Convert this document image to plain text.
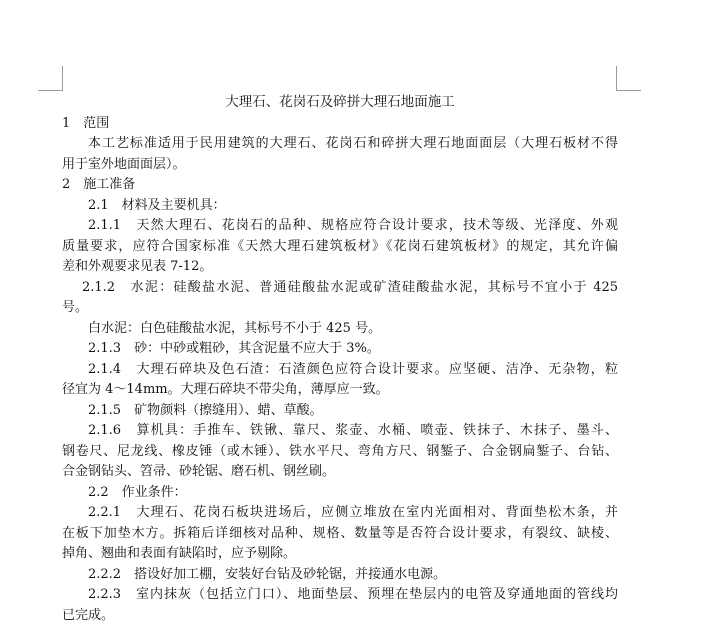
大理石、花岗石及碎拼大理石地面施工
1　范围
本工艺标准适用于民用建筑的大理石、花岗石和碎拼大理石地面面层（大理石板材不得
用于室外地面面层）。
2　施工准备
2.1　材料及主要机具：
2.1.1　天然大理石、花岗石的品种、规格应符合设计要求，技术等级、光泽度、外观
质量要求，应符合国家标准《天然大理石建筑板材》《花岗石建筑板材》的规定，其允许偏
差和外观要求见表 7-12。
2.1.2　水泥：硅酸盐水泥、普通硅酸盐水泥或矿渣硅酸盐水泥，其标号不宜小于 425
号。
白水泥：白色硅酸盐水泥，其标号不小于 425 号。
2.1.3　砂：中砂或粗砂，其含泥量不应大于 3%。
2.1.4　大理石碎块及色石渣：石渣颜色应符合设计要求。应坚硬、洁净、无杂物，粒
径宜为 4～14mm。大理石碎块不带尖角，薄厚应一致。
2.1.5　矿物颜料（擦缝用）、蜡、草酸。
2.1.6　算机具：手推车、铁锹、靠尺、浆壶、水桶、喷壶、铁抹子、木抹子、墨斗、
钢卷尺、尼龙线、橡皮锤（或木锤）、铁水平尺、弯角方尺、钢錾子、合金钢扁錾子、台钻、
合金钢钻头、笤帚、砂轮锯、磨石机、钢丝刷。
2.2　作业条件：
2.2.1　大理石、花岗石板块进场后，应侧立堆放在室内光面相对、背面垫松木条，并
在板下加垫木方。拆箱后详细核对品种、规格、数量等是否符合设计要求，有裂纹、缺棱、
掉角、翘曲和表面有缺陷时，应予剔除。
2.2.2　搭设好加工棚，安装好台钻及砂轮锯，并接通水电源。
2.2.3　室内抹灰（包括立门口）、地面垫层、预埋在垫层内的电管及穿通地面的管线均
已完成。
